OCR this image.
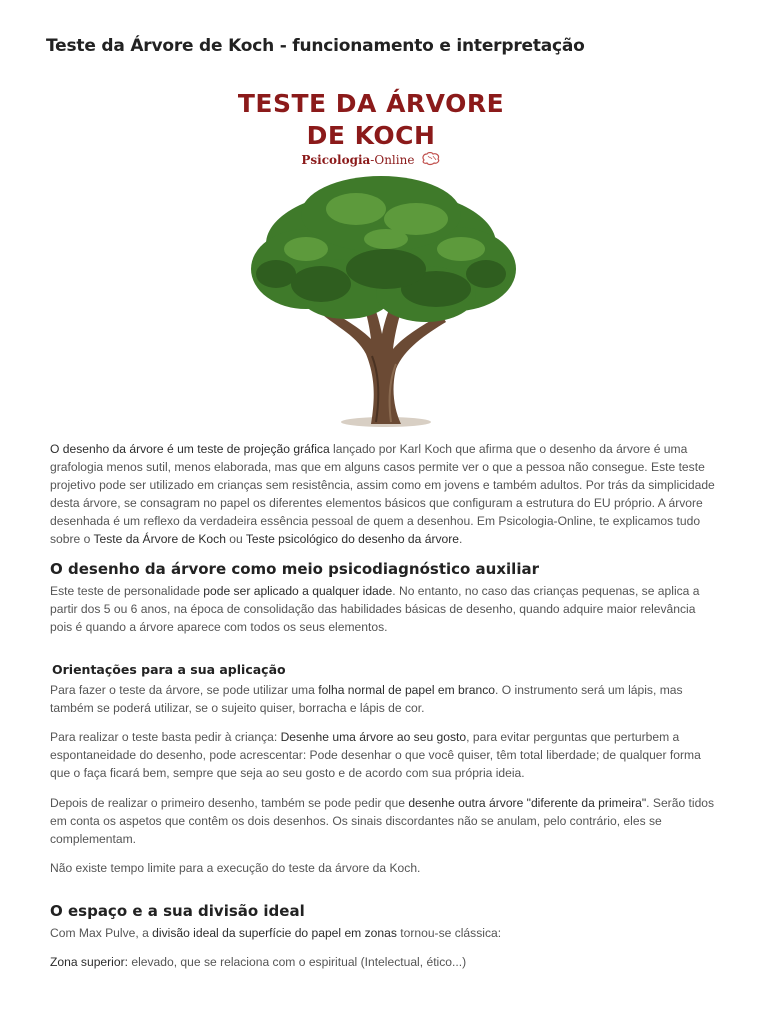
Teste da Árvore de Koch - funcionamento e interpretação
TESTE DA ÁRVORE
DE KOCH
Psicologia-Online

O desenho da árvore é um teste de projeção gráfica lançado por Karl Koch que afirma que o desenho da árvore é uma grafologia menos sutil, menos elaborada, mas que em alguns casos permite ver o que a pessoa não consegue. Este teste projetivo pode ser utilizado em crianças sem resistência, assim como em jovens e também adultos. Por trás da simplicidade desta árvore, se consagram no papel os diferentes elementos básicos que configuram a estrutura do EU próprio. A árvore desenhada é um reflexo da verdadeira essência pessoal de quem a desenhou. Em Psicologia-Online, te explicamos tudo sobre o Teste da Árvore de Koch ou Teste psicológico do desenho da árvore.

O desenho da árvore como meio psicodiagnóstico auxiliar

Este teste de personalidade pode ser aplicado a qualquer idade. No entanto, no caso das crianças pequenas, se aplica a partir dos 5 ou 6 anos, na época de consolidação das habilidades básicas de desenho, quando adquire maior relevância pois é quando a árvore aparece com todos os seus elementos.

Orientações para a sua aplicação

Para fazer o teste da árvore, se pode utilizar uma folha normal de papel em branco. O instrumento será um lápis, mas também se poderá utilizar, se o sujeito quiser, borracha e lápis de cor.

Para realizar o teste basta pedir à criança: Desenhe uma árvore ao seu gosto, para evitar perguntas que perturbem a espontaneidade do desenho, pode acrescentar: Pode desenhar o que você quiser, têm total liberdade; de qualquer forma que o faça ficará bem, sempre que seja ao seu gosto e de acordo com sua própria ideia.

Depois de realizar o primeiro desenho, também se pode pedir que desenhe outra árvore "diferente da primeira". Serão tidos em conta os aspetos que contêm os dois desenhos. Os sinais discordantes não se anulam, pelo contrário, eles se complementam.

Não existe tempo limite para a execução do teste da árvore da Koch.

O espaço e a sua divisão ideal

Com Max Pulve, a divisão ideal da superfície do papel em zonas tornou-se clássica:

Zona superior: elevado, que se relaciona com o espiritual (Intelectual, ético...)
